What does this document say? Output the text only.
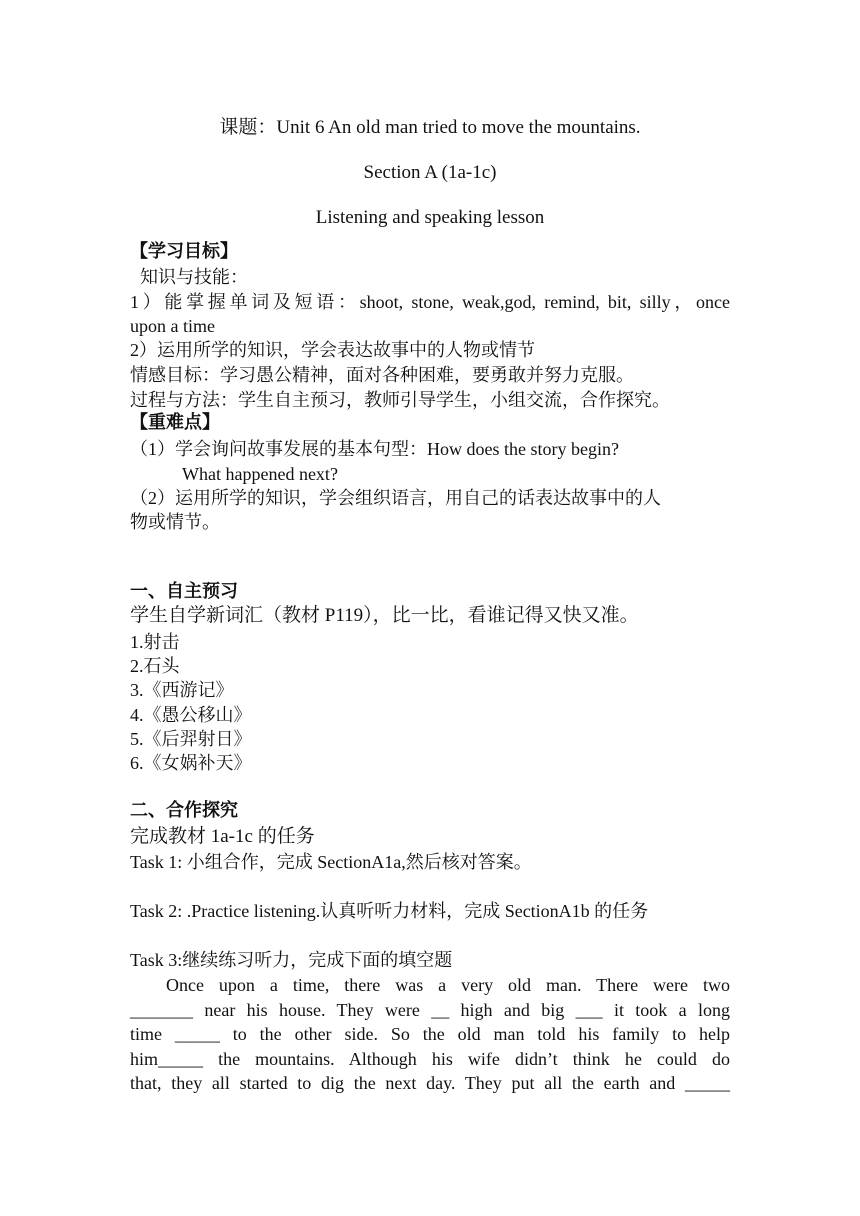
课题：Unit 6 An old man tried to move the mountains.
Section A (1a-1c)
Listening and speaking lesson
【学习目标】
知识与技能：
1）能掌握单词及短语：shoot, stone, weak,god, remind, bit, silly，once
upon a time
2）运用所学的知识，学会表达故事中的人物或情节
情感目标：学习愚公精神，面对各种困难，要勇敢并努力克服。
过程与方法：学生自主预习，教师引导学生，小组交流，合作探究。
【重难点】
（1）学会询问故事发展的基本句型：How does the story begin?
What happened next?
（2）运用所学的知识，学会组织语言，用自己的话表达故事中的人
物或情节。
一、自主预习
学生自学新词汇（教材 P119），比一比，看谁记得又快又准。
1.射击
2.石头
3.《西游记》
4.《愚公移山》
5.《后羿射日》
6.《女娲补天》
二、合作探究
完成教材 1a-1c 的任务
Task 1: 小组合作，完成 SectionA1a,然后核对答案。
Task 2: .Practice listening.认真听听力材料，完成 SectionA1b 的任务
Task 3:继续练习听力，完成下面的填空题
Once upon a time, there was a very old man. There were two
_______ near his house. They were __ high and big ___ it took a long
time _____ to the other side. So the old man told his family to help
him_____ the mountains. Although his wife didn’t think he could do
that, they all started to dig the next day. They put all the earth and _____
